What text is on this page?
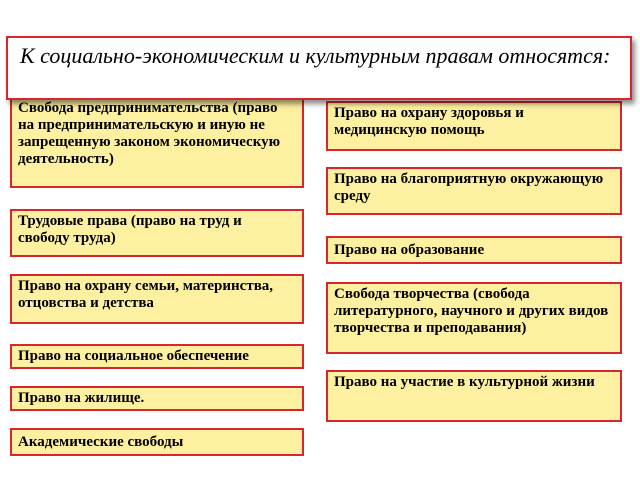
К социально-экономическим и культурным правам относятся:
Свобода предпринимательства (право на предпринимательскую и иную не запрещенную законом экономическую деятельность)
Трудовые права (право на труд и свободу труда)
Право на охрану семьи, материнства, отцовства и детства
Право на социальное обеспечение
Право на жилище.
Академические свободы
Право на охрану здоровья и медицинскую помощь
Право на благоприятную окружающую среду
Право на образование
Свобода творчества (свобода литературного, научного и других видов творчества и преподавания)
Право на участие в культурной жизни
